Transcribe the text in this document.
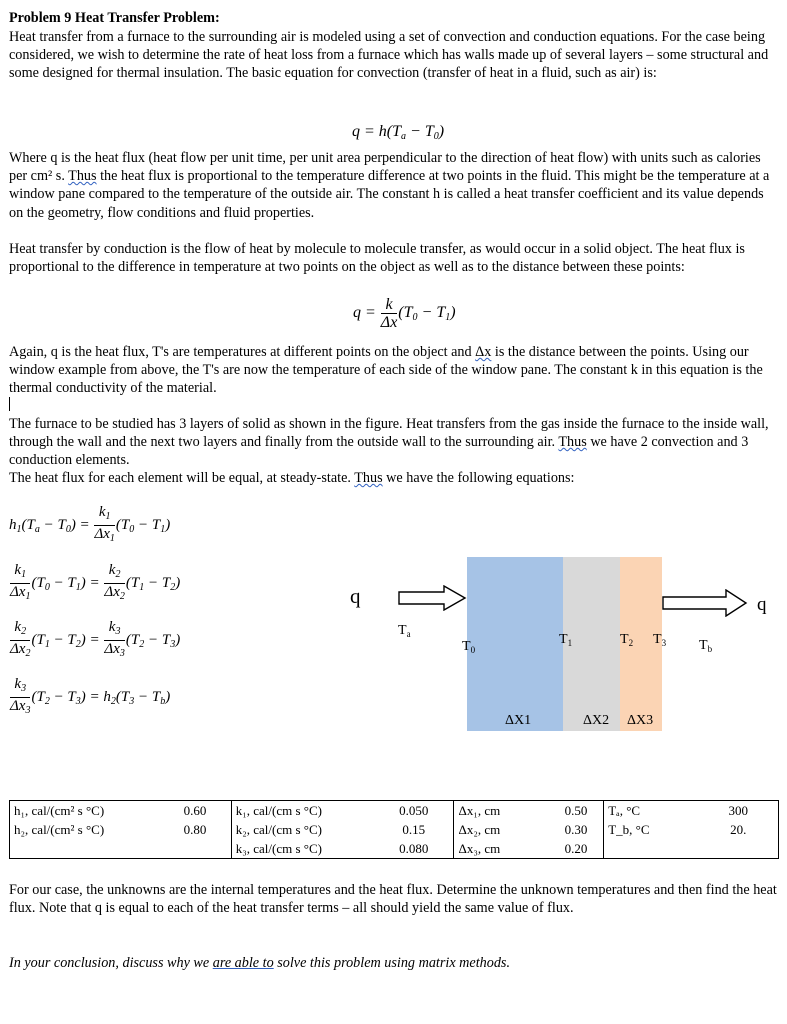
Problem 9 Heat Transfer Problem:

Heat transfer from a furnace to the surrounding air is modeled using a set of convection and conduction equations. For the case being considered, we wish to determine the rate of heat loss from a furnace which has walls made up of several layers – some structural and some designed for thermal insulation. The basic equation for convection (transfer of heat in a fluid, such as air) is:

$q = h(T_a - T_0)$

Where q is the heat flux (heat flow per unit time, per unit area perpendicular to the direction of heat flow) with units such as calories per cm² s. Thus the heat flux is proportional to the temperature difference at two points in the fluid. This might be the temperature at a window pane compared to the temperature of the outside air. The constant h is called a heat transfer coefficient and its value depends on the geometry, flow conditions and fluid properties.

Heat transfer by conduction is the flow of heat by molecule to molecule transfer, as would occur in a solid object. The heat flux is proportional to the difference in temperature at two points on the object as well as to the distance between these points:

$q = \frac{k}{\Delta x} (T_0 - T_1)$

Again, q is the heat flux, T's are temperatures at different points on the object and Δx is the distance between the points. Using our window example from above, the T's are now the temperature of each side of the window pane. The constant k in this equation is the thermal conductivity of the material.

The furnace to be studied has 3 layers of solid as shown in the figure. Heat transfers from the gas inside the furnace to the inside wall, through the wall and the next two layers and finally from the outside wall to the surrounding air. Thus we have 2 convection and 3 conduction elements.

The heat flux for each element will be equal, at steady-state. Thus we have the following equations:

$h_1(T_a - T_0) = \frac{k_1}{\Delta x_1} (T_0 - T_1)$
$\frac{k_1}{\Delta x_1} (T_0 - T_1) = \frac{k_2}{\Delta x_2} (T_1 - T_2)$
$\frac{k_2}{\Delta x_2} (T_1 - T_2) = \frac{k_3}{\Delta x_3} (T_2 - T_3)$
$\frac{k_3}{\Delta x_3} (T_2 - T_3) = h_2(T_3 - T_b)$
q	q
$T_a$
$T_0$
$T_1$	$T_2$ $T_3$ $T_b$
ΔX1	ΔX2 ΔX3
h₁, cal/(cm² s °C)	0.60	k₁, cal/(cm s °C)	0.050	Δx₁, cm	0.50	Tₐ, °C	300
h₂, cal/(cm² s °C)	0.80	k₂, cal/(cm s °C)	0.15	Δx₂, cm	0.30	T_b, °C	20.
		k₃, cal/(cm s °C)	0.080	Δx₃, cm	0.20		

For our case, the unknowns are the internal temperatures and the heat flux. Determine the unknown temperatures and then find the heat flux. Note that q is equal to each of the heat transfer terms – all should yield the same value of flux.

In your conclusion, discuss why we are able to solve this problem using matrix methods.
